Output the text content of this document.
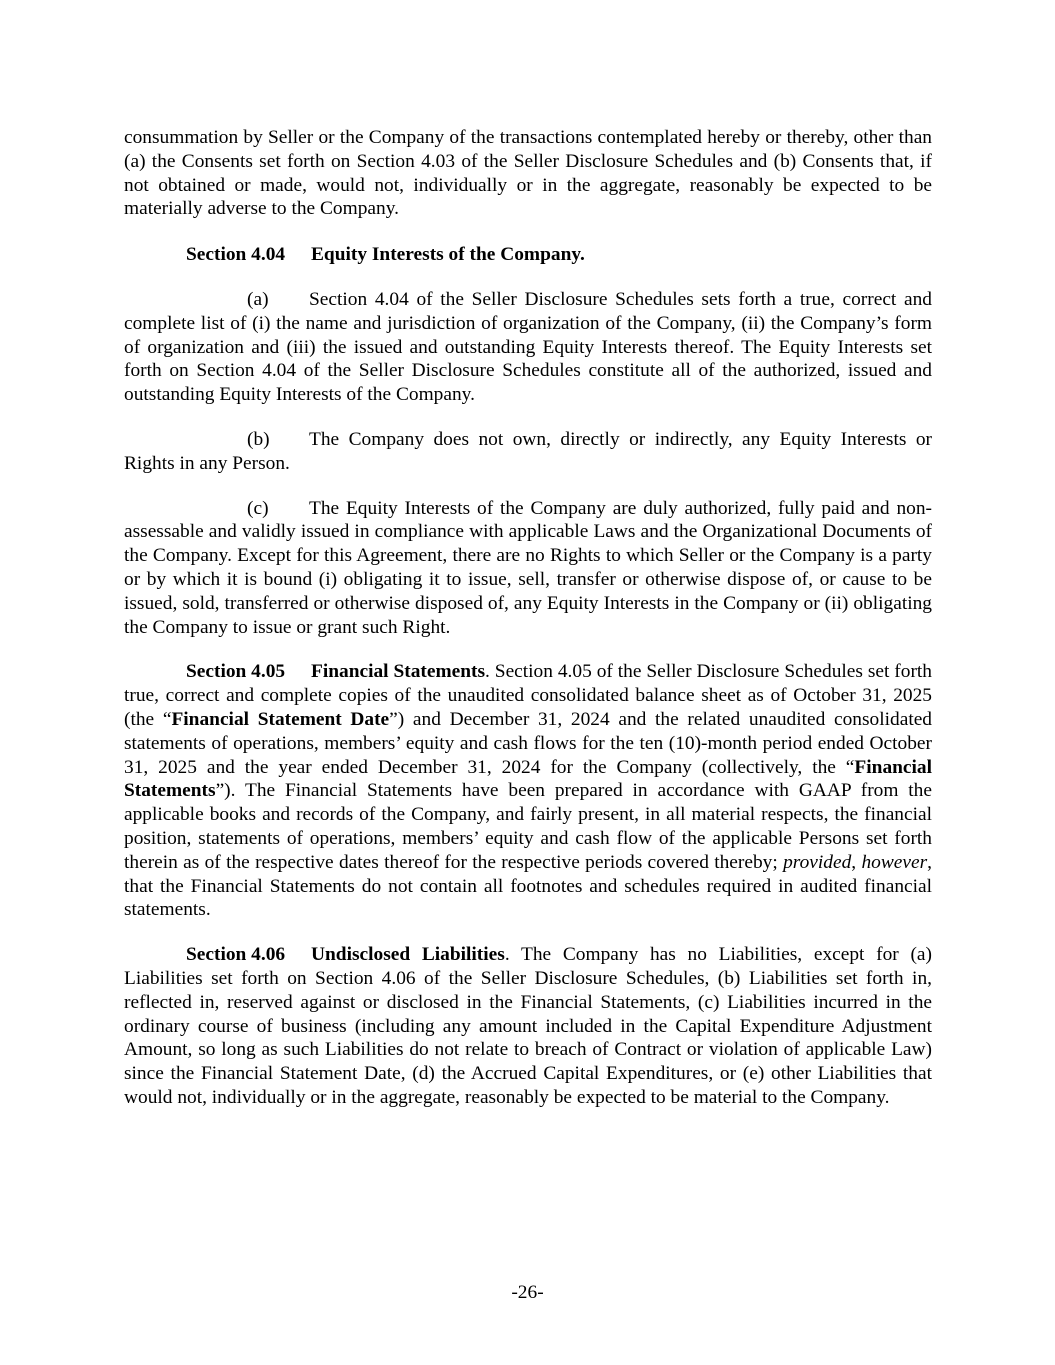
consummation by Seller or the Company of the transactions contemplated hereby or thereby, other than (a) the Consents set forth on Section 4.03 of the Seller Disclosure Schedules and (b) Consents that, if not obtained or made, would not, individually or in the aggregate, reasonably be expected to be materially adverse to the Company.

Section 4.04 Equity Interests of the Company.

(a) Section 4.04 of the Seller Disclosure Schedules sets forth a true, correct and complete list of (i) the name and jurisdiction of organization of the Company, (ii) the Company’s form of organization and (iii) the issued and outstanding Equity Interests thereof. The Equity Interests set forth on Section 4.04 of the Seller Disclosure Schedules constitute all of the authorized, issued and outstanding Equity Interests of the Company.

(b) The Company does not own, directly or indirectly, any Equity Interests or Rights in any Person.

(c) The Equity Interests of the Company are duly authorized, fully paid and non-assessable and validly issued in compliance with applicable Laws and the Organizational Documents of the Company. Except for this Agreement, there are no Rights to which Seller or the Company is a party or by which it is bound (i) obligating it to issue, sell, transfer or otherwise dispose of, or cause to be issued, sold, transferred or otherwise disposed of, any Equity Interests in the Company or (ii) obligating the Company to issue or grant such Right.

Section 4.05 Financial Statements. Section 4.05 of the Seller Disclosure Schedules set forth true, correct and complete copies of the unaudited consolidated balance sheet as of October 31, 2025 (the “Financial Statement Date”) and December 31, 2024 and the related unaudited consolidated statements of operations, members’ equity and cash flows for the ten (10)-month period ended October 31, 2025 and the year ended December 31, 2024 for the Company (collectively, the “Financial Statements”). The Financial Statements have been prepared in accordance with GAAP from the applicable books and records of the Company, and fairly present, in all material respects, the financial position, statements of operations, members’ equity and cash flow of the applicable Persons set forth therein as of the respective dates thereof for the respective periods covered thereby; provided, however, that the Financial Statements do not contain all footnotes and schedules required in audited financial statements.

Section 4.06 Undisclosed Liabilities. The Company has no Liabilities, except for (a) Liabilities set forth on Section 4.06 of the Seller Disclosure Schedules, (b) Liabilities set forth in, reflected in, reserved against or disclosed in the Financial Statements, (c) Liabilities incurred in the ordinary course of business (including any amount included in the Capital Expenditure Adjustment Amount, so long as such Liabilities do not relate to breach of Contract or violation of applicable Law) since the Financial Statement Date, (d) the Accrued Capital Expenditures, or (e) other Liabilities that would not, individually or in the aggregate, reasonably be expected to be material to the Company.

-26-
